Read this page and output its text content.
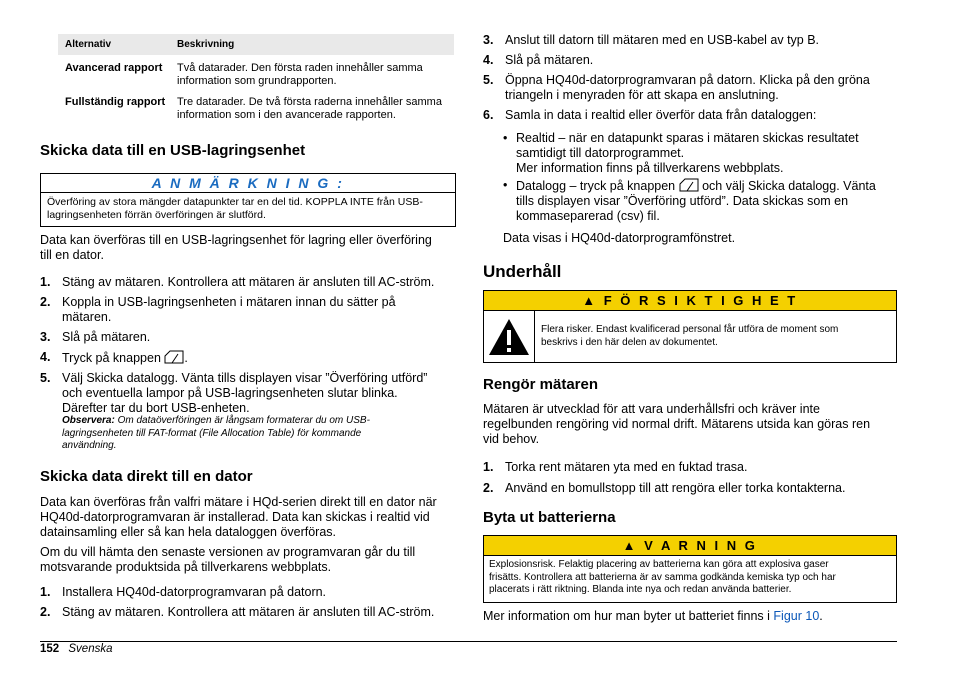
Alternativ	Beskrivning
Avancerad rapport Två datarader. Den första raden innehåller samma
information som grundrapporten.
Fullständig rapport Tre datarader. De två första raderna innehåller samma
information som i den avancerade rapporten.
Skicka data till en USB-lagringsenhet
A N M Ä R K N I N G :
Överföring av stora mängder datapunkter tar en del tid. KOPPLA INTE från USB-
lagringsenheten förrän överföringen är slutförd.
Data kan överföras till en USB-lagringsenhet för lagring eller överföring
till en dator.
1. Stäng av mätaren. Kontrollera att mätaren är ansluten till AC-ström.
2. Koppla in USB-lagringsenheten i mätaren innan du sätter på
mätaren.
3. Slå på mätaren.
4. Tryck på knappen .
5. Välj Skicka datalogg. Vänta tills displayen visar ”Överföring utförd”
och eventuella lampor på USB-lagringsenheten slutar blinka.
Därefter tar du bort USB-enheten.
Observera: Om dataöverföringen är långsam formaterar du om USB-
lagringsenheten till FAT-format (File Allocation Table) för kommande
användning.
Skicka data direkt till en dator
Data kan överföras från valfri mätare i HQd-serien direkt till en dator när
HQ40d-datorprogramvaran är installerad. Data kan skickas i realtid vid
datainsamling eller så kan hela dataloggen överföras.
Om du vill hämta den senaste versionen av programvaran går du till
motsvarande produktsida på tillverkarens webbplats.
1. Installera HQ40d-datorprogramvaran på datorn.
2. Stäng av mätaren. Kontrollera att mätaren är ansluten till AC-ström.
3. Anslut till datorn till mätaren med en USB-kabel av typ B.
4. Slå på mätaren.
5. Öppna HQ40d-datorprogramvaran på datorn. Klicka på den gröna
triangeln i menyraden för att skapa en anslutning.
6. Samla in data i realtid eller överför data från dataloggen:
• Realtid – när en datapunkt sparas i mätaren skickas resultatet
samtidigt till datorprogrammet.
Mer information finns på tillverkarens webbplats.
• Datalogg – tryck på knappen och välj Skicka datalogg. Vänta
tills displayen visar ”Överföring utförd”. Data skickas som en
kommaseparerad (csv) fil.
Data visas i HQ40d-datorprogramfönstret.
Underhåll
▲ F Ö R S I K T I G H E T
Flera risker. Endast kvalificerad personal får utföra de moment som
beskrivs i den här delen av dokumentet.
Rengör mätaren
Mätaren är utvecklad för att vara underhållsfri och kräver inte
regelbunden rengöring vid normal drift. Mätarens utsida kan göras ren
vid behov.
1. Torka rent mätaren yta med en fuktad trasa.
2. Använd en bomullstopp till att rengöra eller torka kontakterna.
Byta ut batterierna
▲ V A R N I N G
Explosionsrisk. Felaktig placering av batterierna kan göra att explosiva gaser
frisätts. Kontrollera att batterierna är av samma godkända kemiska typ och har
placerats i rätt riktning. Blanda inte nya och redan använda batterier.
Mer information om hur man byter ut batteriet finns i Figur 10.
152 Svenska
